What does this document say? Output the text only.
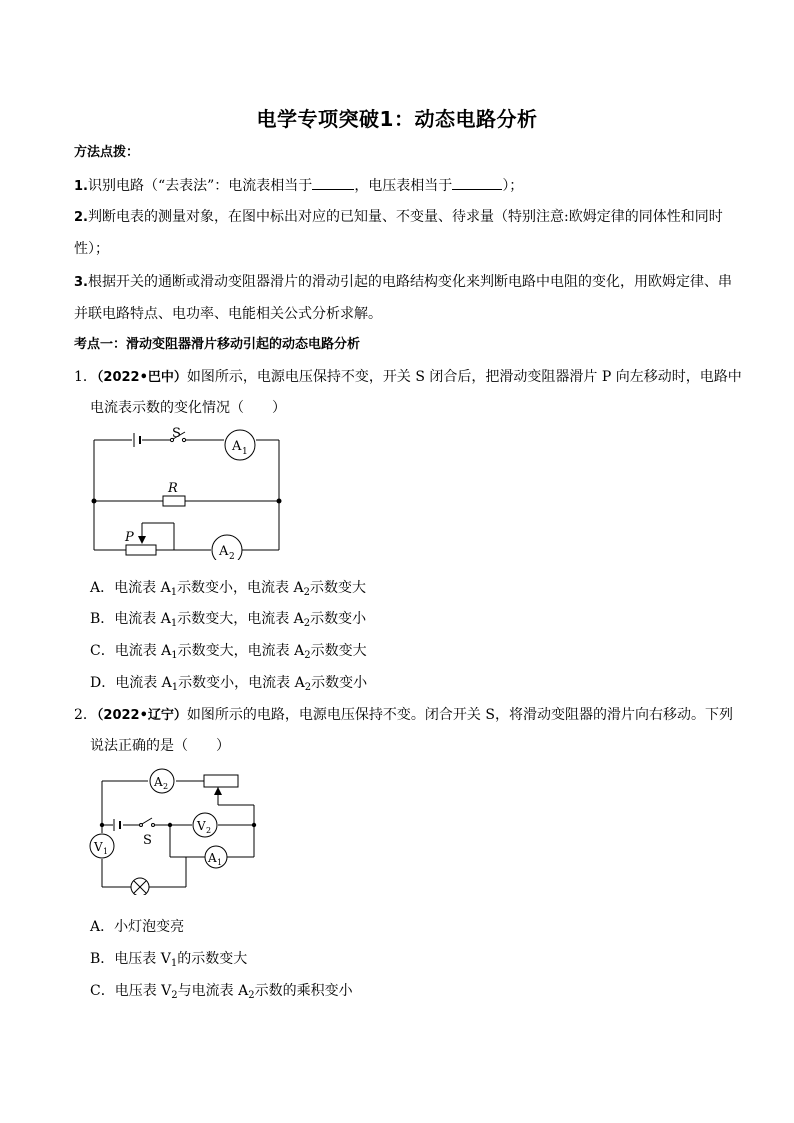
电学专项突破1：动态电路分析
方法点拨：
1.识别电路（“去表法”：电流表相当于	，电压表相当于	）；
2.判断电表的测量对象，在图中标出对应的已知量、不变量、待求量（特别注意:欧姆定律的同体性和同时
性）；
3.根据开关的通断或滑动变阻器滑片的滑动引起的电路结构变化来判断电路中电阻的变化，用欧姆定律、串
并联电路特点、电功率、电能相关公式分析求解。
考点一：滑动变阻器滑片移动引起的动态电路分析
1．（2022•巴中）如图所示，电源电压保持不变，开关 S 闭合后，把滑动变阻器滑片 P 向左移动时，电路中
电流表示数的变化情况（　　）
S
A 1
R
P
A 2
A．电流表 $A_1$示数变小，电流表 $A_2$示数变大
B．电流表 $A_1$示数变大，电流表 $A_2$示数变小
C．电流表 $A_1$示数变大，电流表 $A_2$示数变大
D．电流表 $A_1$示数变小，电流表 $A_2$示数变小
2．（2022•辽宁）如图所示的电路，电源电压保持不变。闭合开关 S，将滑动变阻器的滑片向右移动。下列
说法正确的是（　　）
A 2
S
V 2
V 1	A 1
A．小灯泡变亮
B．电压表 $V_1$的示数变大
C．电压表 $V_2$与电流表 $A_2$示数的乘积变小
